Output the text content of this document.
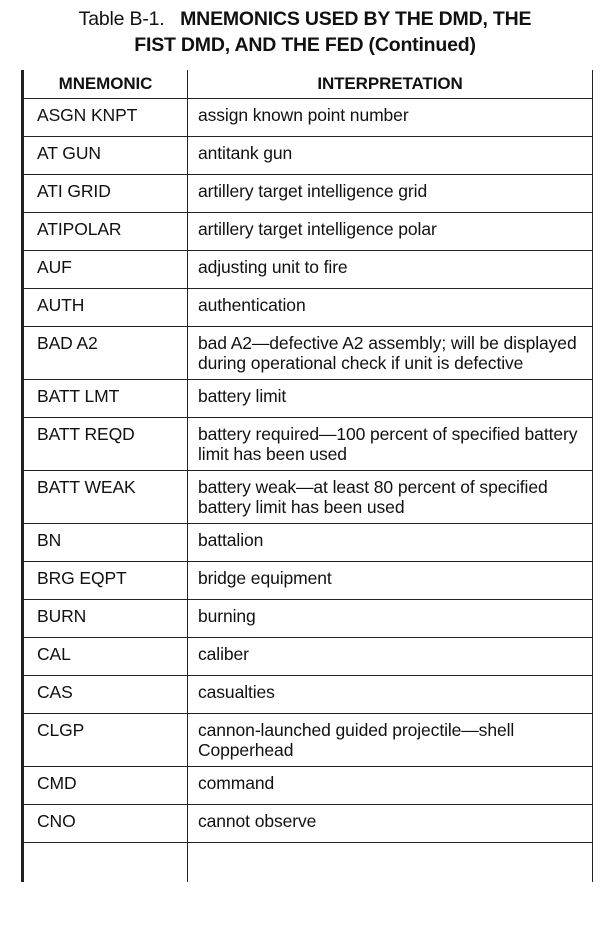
Table B-1. MNEMONICS USED BY THE DMD, THE
FIST DMD, AND THE FED (Continued)
MNEMONIC	INTERPRETATION
ASGN KNPT	assign known point number
AT GUN	antitank gun
ATI GRID	artillery target intelligence grid
ATIPOLAR	artillery target intelligence polar
AUF	adjusting unit to fire
AUTH	authentication
BAD A2	bad A2—defective A2 assembly; will be displayed during operational check if unit is defective
BATT LMT	battery limit
BATT REQD	battery required—100 percent of specified battery limit has been used
BATT WEAK	battery weak—at least 80 percent of specified battery limit has been used
BN	battalion
BRG EQPT	bridge equipment
BURN	burning
CAL	caliber
CAS	casualties
CLGP	cannon-launched guided projectile—shell Copperhead
CMD	command
CNO	cannot observe
